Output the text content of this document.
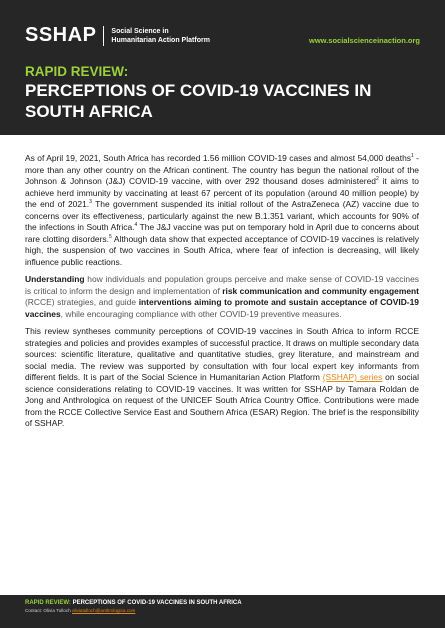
SSHAP Social Science in
Humanitarian Action Platform	www.socialscienceinaction.org
RAPID REVIEW:
PERCEPTIONS OF COVID-19 VACCINES IN SOUTH AFRICA

As of April 19, 2021, South Africa has recorded 1.56 million COVID-19 cases and almost 54,000 deaths$^1$ - more than any other country on the African continent. The country has begun the national rollout of the Johnson & Johnson (J&J) COVID-19 vaccine, with over 292 thousand doses administered$^2$ it aims to achieve herd immunity by vaccinating at least 67 percent of its population (around 40 million people) by the end of 2021.$^3$ The government suspended its initial rollout of the AstraZeneca (AZ) vaccine due to concerns over its effectiveness, particularly against the new B.1.351 variant, which accounts for 90% of the infections in South Africa.$^4$ The J&J vaccine was put on temporary hold in April due to concerns about rare clotting disorders.$^5$ Although data show that expected acceptance of COVID-19 vaccines is relatively high, the suspension of two vaccines in South Africa, where fear of infection is decreasing, will likely influence public reactions.

Understanding how individuals and population groups perceive and make sense of COVID-19 vaccines is critical to inform the design and implementation of risk communication and community engagement (RCCE) strategies, and guide interventions aiming to promote and sustain acceptance of COVID-19 vaccines, while encouraging compliance with other COVID-19 preventive measures.

This review syntheses community perceptions of COVID-19 vaccines in South Africa to inform RCCE strategies and policies and provides examples of successful practice. It draws on multiple secondary data sources: scientific literature, qualitative and quantitative studies, grey literature, and mainstream and social media. The review was supported by consultation with four local expert key informants from different fields. It is part of the Social Science in Humanitarian Action Platform (SSHAP) series on social science considerations relating to COVID-19 vaccines. It was written for SSHAP by Tamara Roldan de Jong and Anthrologica on request of the UNICEF South Africa Country Office. Contributions were made from the RCCE Collective Service East and Southern Africa (ESAR) Region. The brief is the responsibility of SSHAP.

RAPID REVIEW: PERCEPTIONS OF COVID-19 VACCINES IN SOUTH AFRICA
Contact: Olivia Tulloch oliviatulloch@anthrologica.com
